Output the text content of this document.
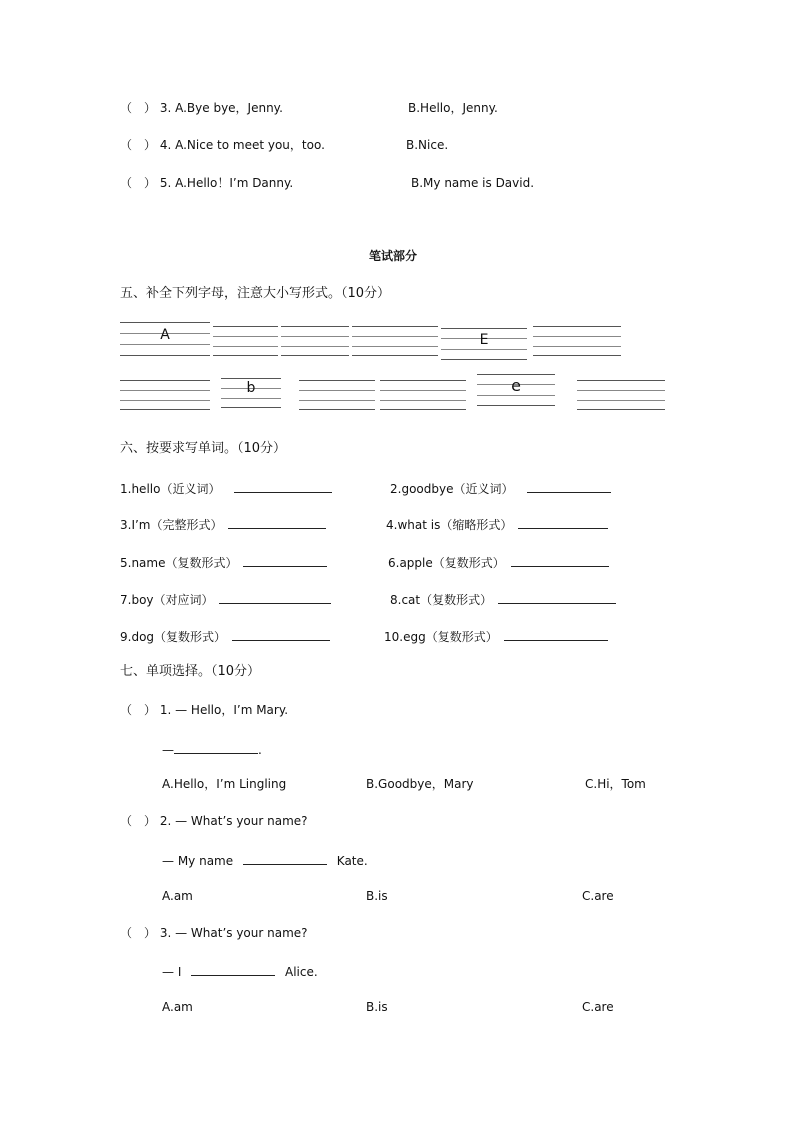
（　） 3. A.Bye bye，Jenny.	B.Hello，Jenny.
（　） 4. A.Nice to meet you，too.	B.Nice.
（　） 5. A.Hello！I’m Danny.	B.My name is David.
笔试部分
五、补全下列字母，注意大小写形式。（10分）
A	E
b	e
六、按要求写单词。（10分）
1.hello（近义词）	2.goodbye（近义词）
3.I’m（完整形式）	4.what is（缩略形式）
5.name（复数形式）	6.apple（复数形式）
7.boy（对应词）	8.cat（复数形式）
9.dog（复数形式）	10.egg（复数形式）
七、单项选择。（10分）
（　） 1. — Hello，I’m Mary.
—	.
A.Hello，I’m Lingling	B.Goodbye，Mary	C.Hi，Tom
（　） 2. — What’s your name?
— My name	Kate.
A.am	B.is	C.are
（　） 3. — What’s your name?
— I	Alice.
A.am	B.is	C.are
